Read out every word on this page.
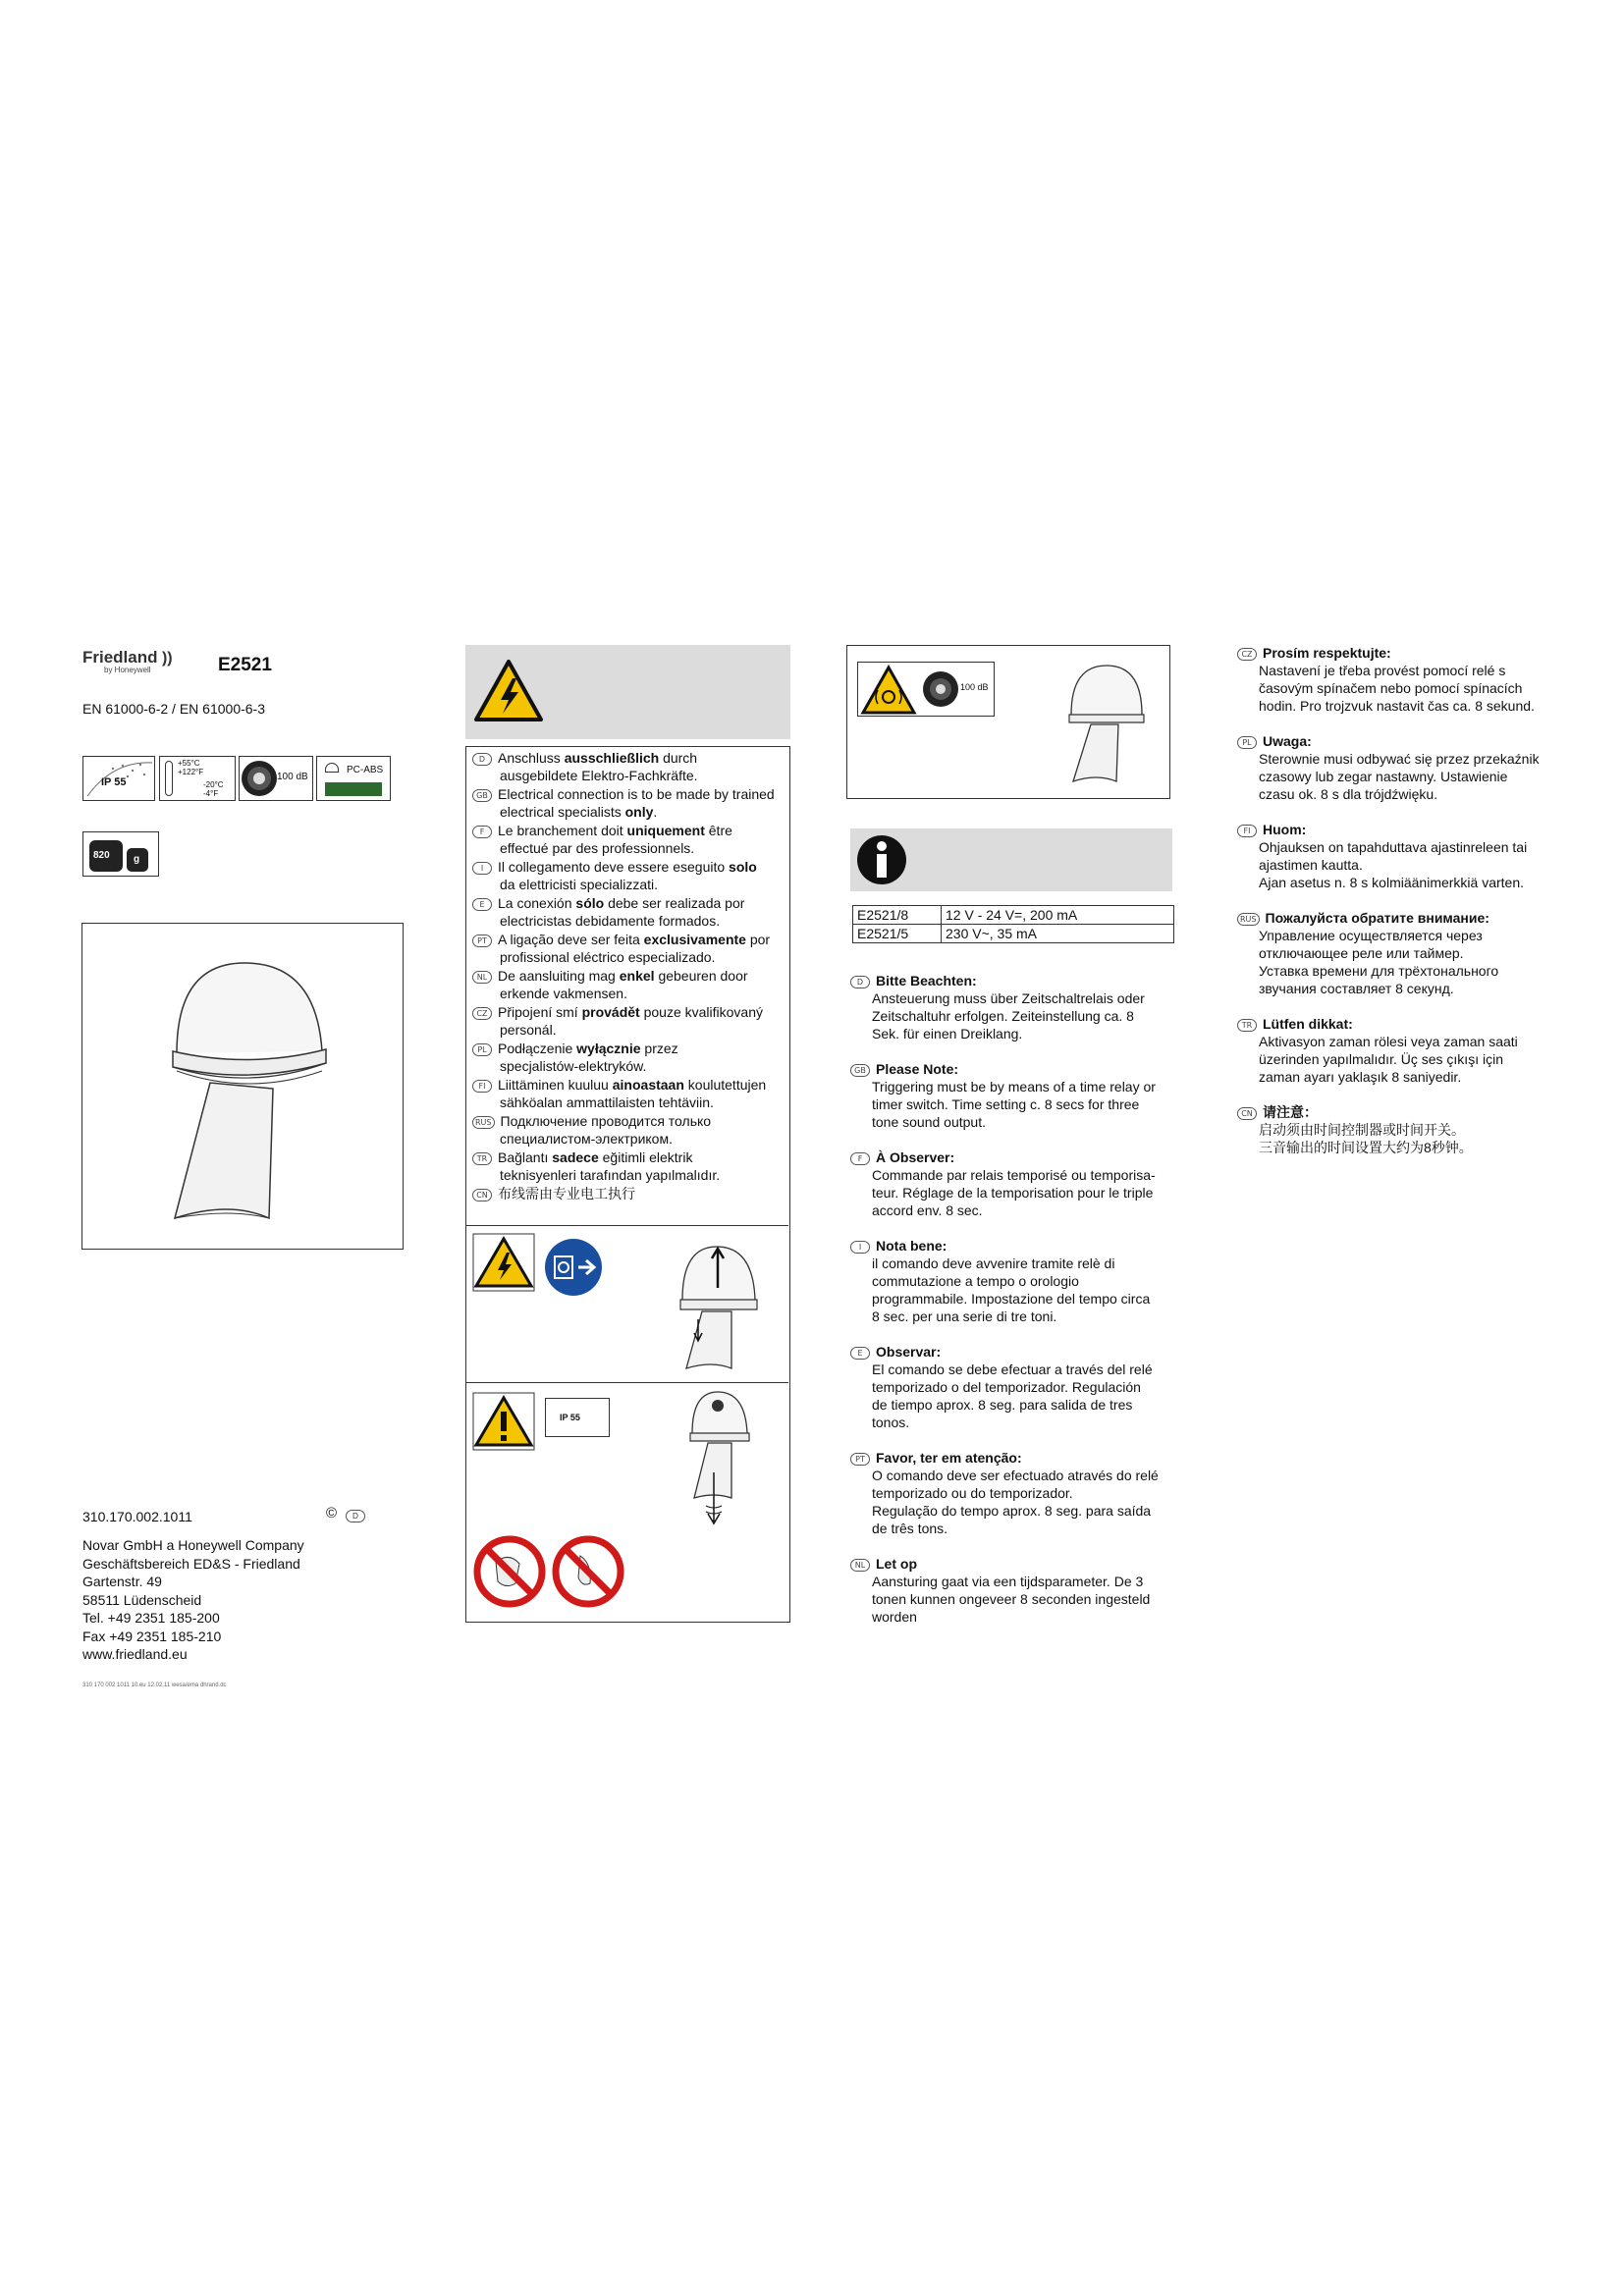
Friedland ))
by Honeywell	E2521
EN 61000-6-2 / EN 61000-6-3
IP 55
+55°C
+122°F
-20°C
-4°F
100 dB
PC-ABS
820 g
310.170.002.1011	©	D
Novar GmbH a Honeywell Company
Geschäftsbereich ED&S - Friedland
Gartenstr. 49
58511 Lüdenscheid
Tel. +49 2351 185-200
Fax +49 2351 185-210
www.friedland.eu
310 170 002 1011 10.eu 12.02.11 wesa/ema dhrand.dc
D Anschluss ausschließlich durch
ausgebildete Elektro-Fachkräfte.
GB Electrical connection is to be made by trained
electrical specialists only.
F Le branchement doit uniquement être
effectué par des professionnels.
I Il collegamento deve essere eseguito solo
da elettricisti specializzati.
E La conexión sólo debe ser realizada por
electricistas debidamente formados.
PT A ligação deve ser feita exclusivamente por
profissional eléctrico especializado.
NL De aansluiting mag enkel gebeuren door
erkende vakmensen.
CZ Připojení smí provádět pouze kvalifikovaný
personál.
PL Podłączenie wyłącznie przez
specjalistów-elektryków.
FI Liittäminen kuuluu ainoastaan koulutettujen
sähköalan ammattilaisten tehtäviin.
RUS Подключение проводится только
специалистом-электриком.
TR Bağlantı sadece eğitimli elektrik
teknisyenleri tarafından yapılmalıdır.
CN 布线需由专业电工执行
IP 55
100 dB
E2521/8	12 V - 24 V=, 200 mA
E2521/5	230 V~, 35 mA
D Bitte Beachten:
Ansteuerung muss über Zeitschaltrelais oder
Zeitschaltuhr erfolgen. Zeiteinstellung ca. 8
Sek. für einen Dreiklang.
GB Please Note:
Triggering must be by means of a time relay or
timer switch. Time setting c. 8 secs for three
tone sound output.
F À Observer:
Commande par relais temporisé ou temporisa-
teur. Réglage de la temporisation pour le triple
accord env. 8 sec.
I Nota bene:
il comando deve avvenire tramite relè di
commutazione a tempo o orologio
programmabile. Impostazione del tempo circa
8 sec. per una serie di tre toni.
E Observar:
El comando se debe efectuar a través del relé
temporizado o del temporizador. Regulación
de tiempo aprox. 8 seg. para salida de tres
tonos.
PT Favor, ter em atenção:
O comando deve ser efectuado através do relé
temporizado ou do temporizador.
Regulação do tempo aprox. 8 seg. para saída
de três tons.
NL Let op
Aansturing gaat via een tijdsparameter. De 3
tonen kunnen ongeveer 8 seconden ingesteld
worden
CZ Prosím respektujte:
Nastavení je třeba provést pomocí relé s
časovým spínačem nebo pomocí spínacích
hodin. Pro trojzvuk nastavit čas ca. 8 sekund.
PL Uwaga:
Sterownie musi odbywać się przez przekaźnik
czasowy lub zegar nastawny. Ustawienie
czasu ok. 8 s dla trójdźwięku.
FI Huom:
Ohjauksen on tapahduttava ajastinreleen tai
ajastimen kautta.
Ajan asetus n. 8 s kolmiäänimerkkiä varten.
RUS Пожалуйста обратите внимание:
Управление осуществляется через
отключающее реле или таймер.
Уставка времени для трёхтонального
звучания составляет 8 секунд.
TR Lütfen dikkat:
Aktivasyon zaman rölesi veya zaman saati
üzerinden yapılmalıdır. Üç ses çıkışı için
zaman ayarı yaklaşık 8 saniyedir.
CN 请注意：
启动须由时间控制器或时间开关。
三音输出的时间设置大约为8秒钟。
